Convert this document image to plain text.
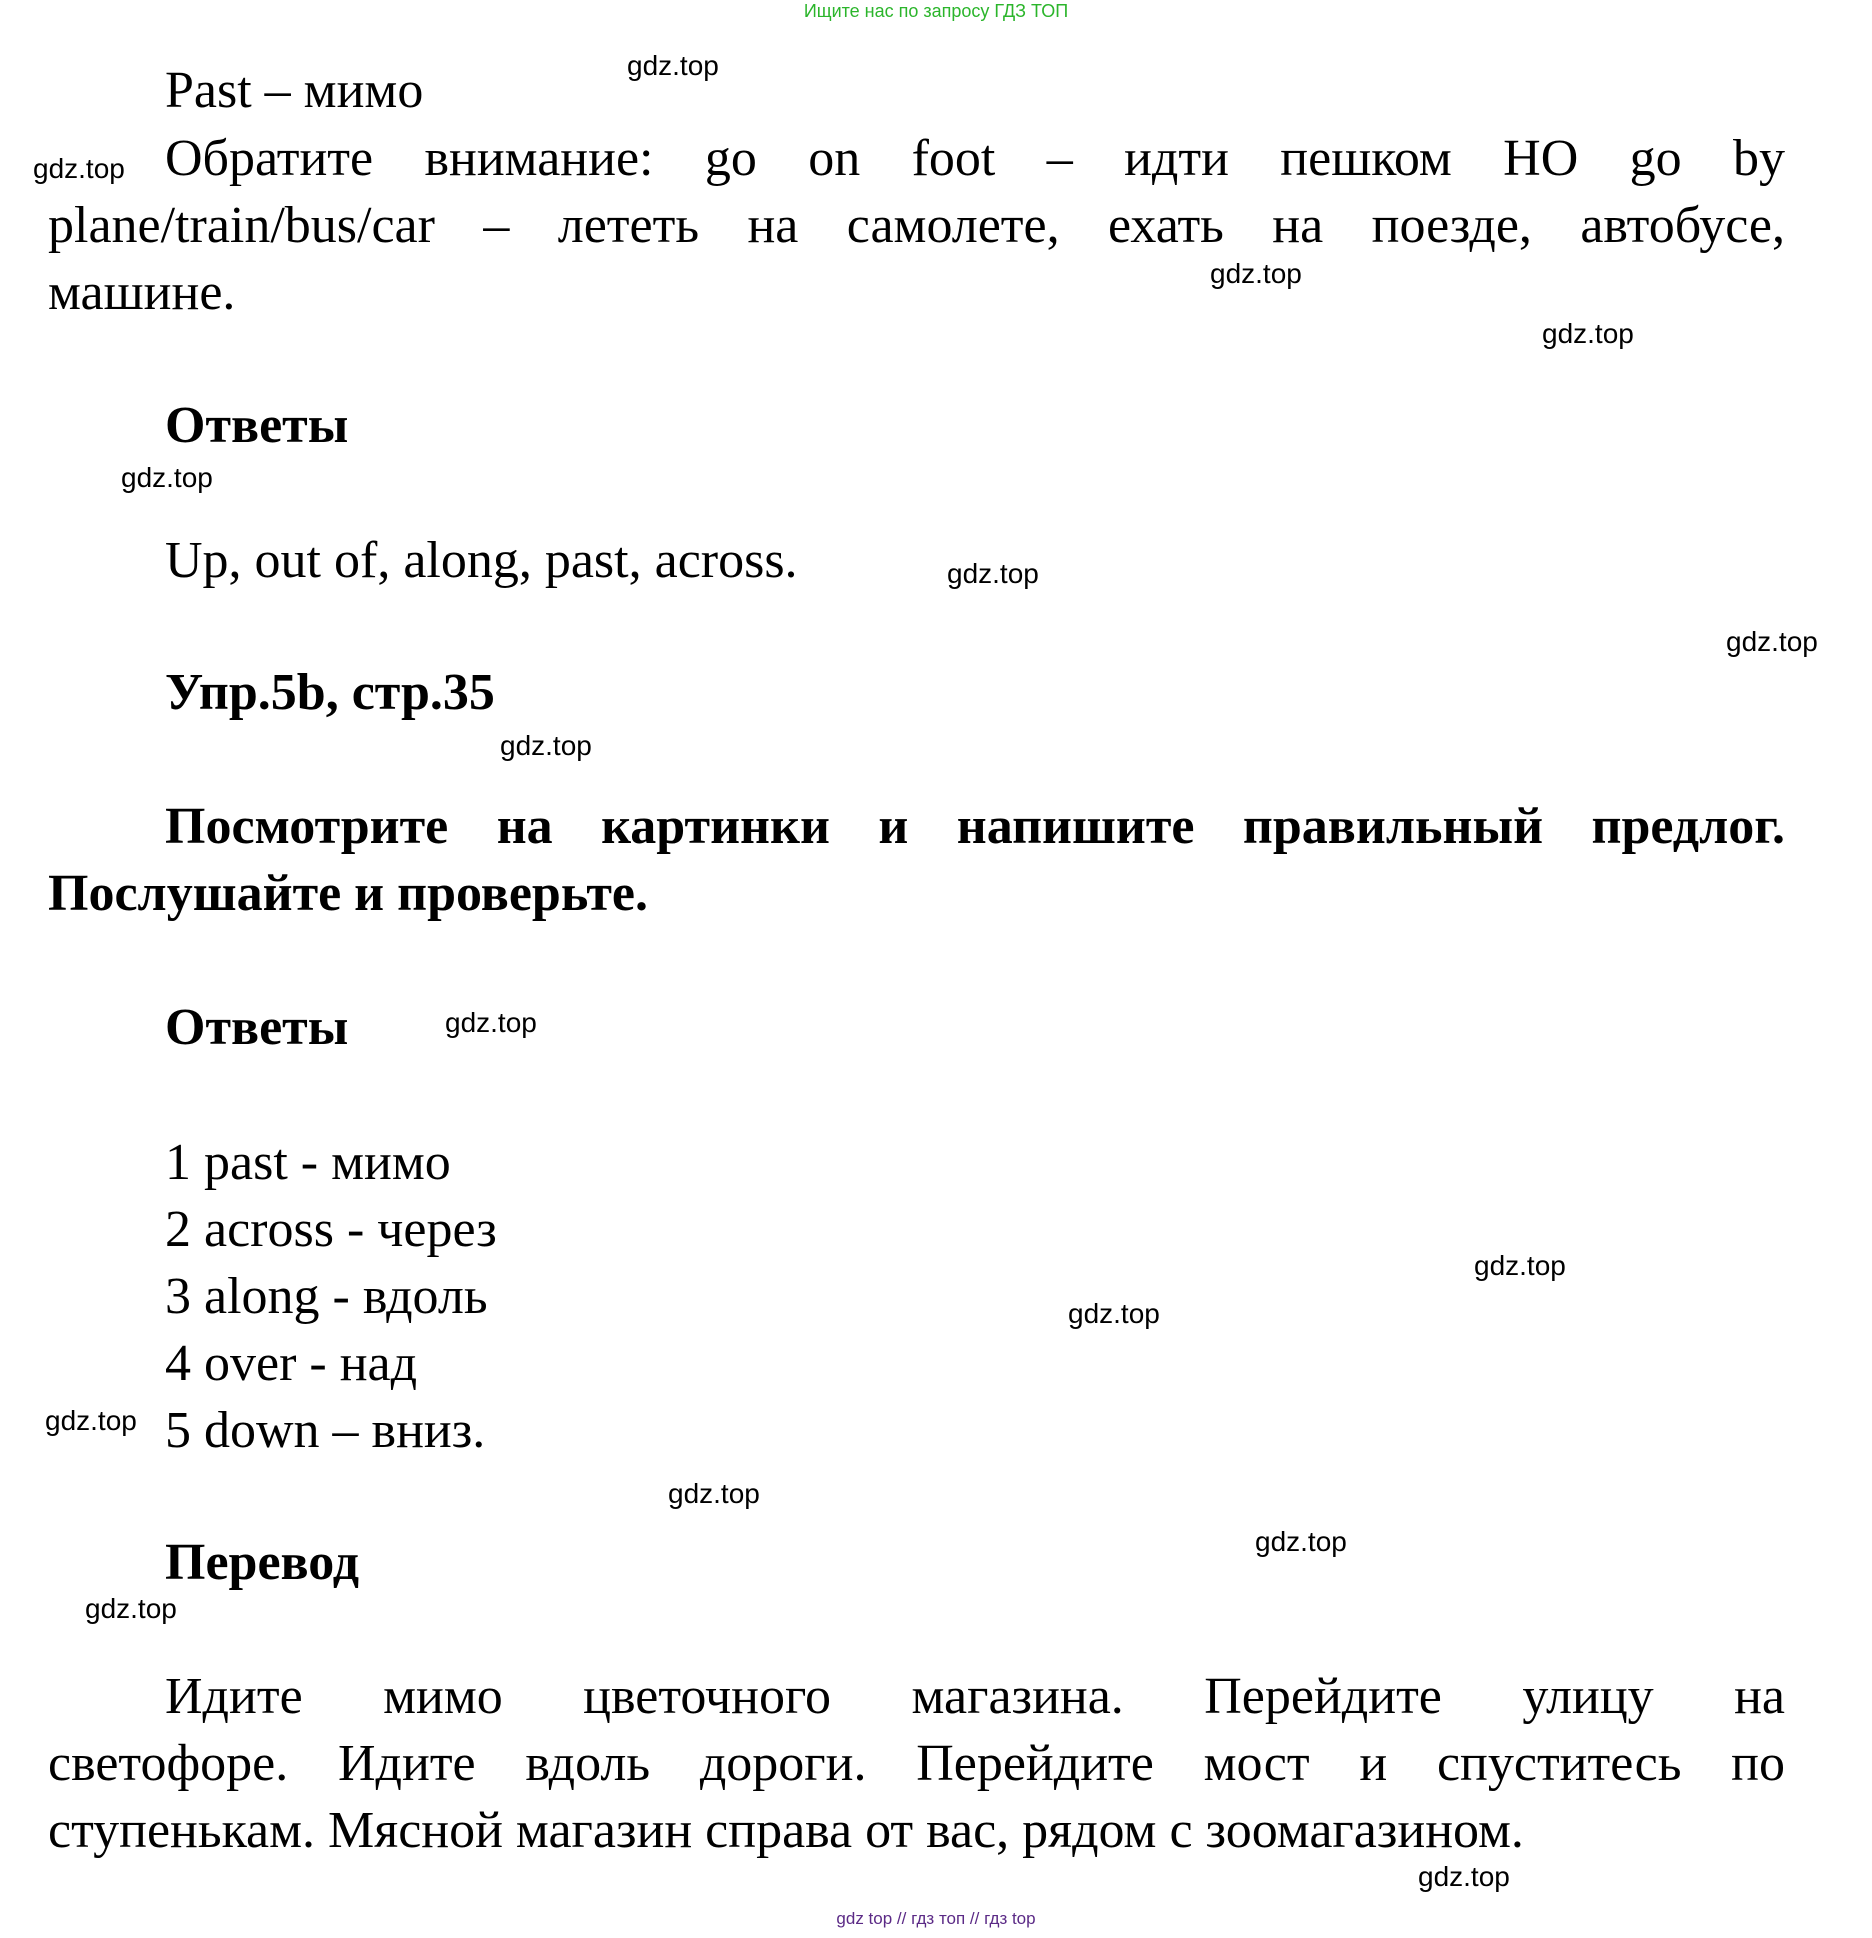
Ищите нас по запросу ГДЗ ТОП
Past – мимо
Обратите внимание: go on foot – идти пешком НО go by
plane/train/bus/car – лететь на самолете, ехать на поезде, автобусе,
машине.
Ответы
Up, out of, along, past, across.
Упр.5b, стр.35
Посмотрите на картинки и напишите правильный предлог.
Послушайте и проверьте.
Ответы
1 past - мимо
2 across - через
3 along - вдоль
4 over - над
5 down – вниз.
Перевод
Идите мимо цветочного магазина. Перейдите улицу на
светофоре. Идите вдоль дороги. Перейдите мост и спуститесь по
ступенькам. Мясной магазин справа от вас, рядом с зоомагазином.
gdz.top
gdz.top
gdz.top
gdz.top
gdz.top
gdz.top
gdz.top
gdz.top
gdz.top
gdz.top
gdz.top
gdz.top
gdz.top
gdz.top
gdz.top
gdz.top
gdz top // гдз топ // гдз top
